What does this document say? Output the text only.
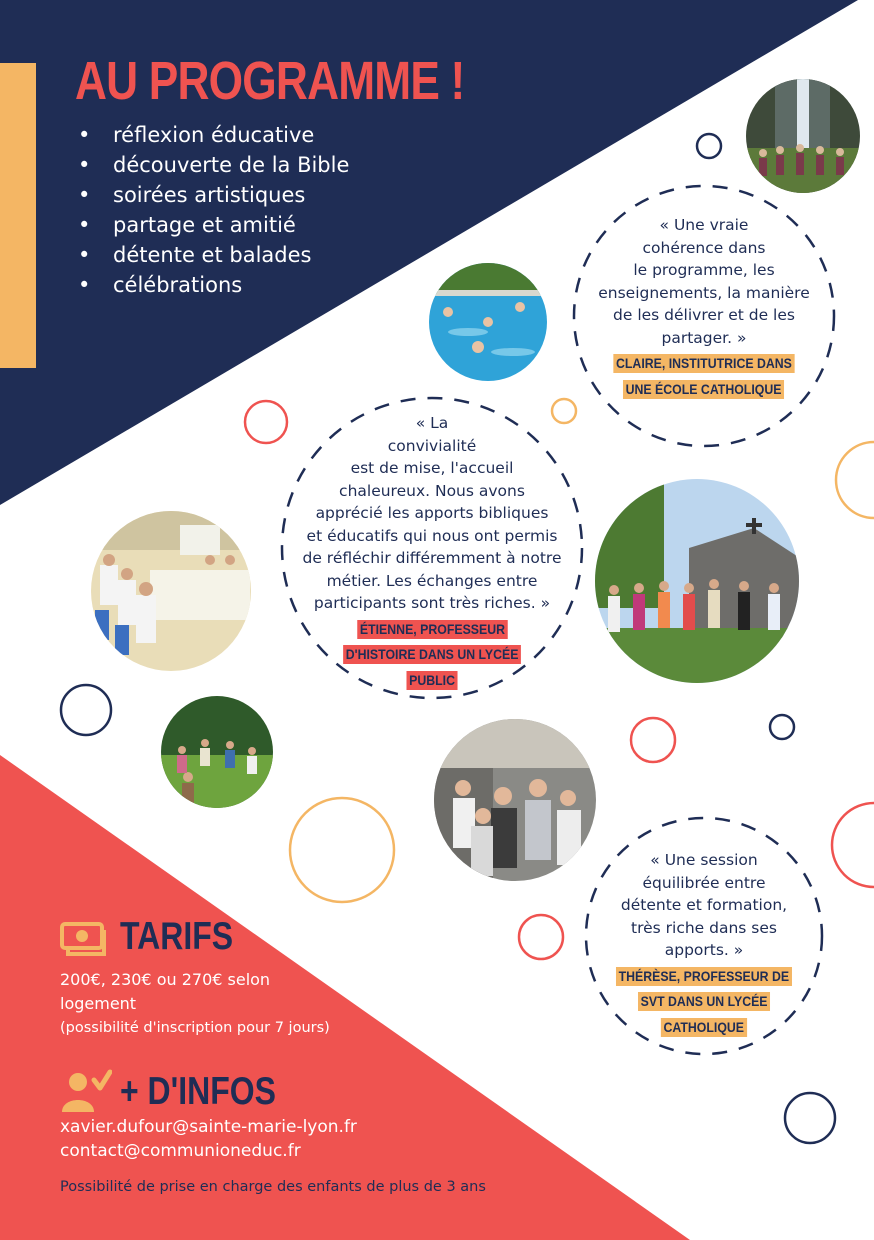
AU PROGRAMME !
• réflexion éducative
• découverte de la Bible
• soirées artistiques
• partage et amitié
• détente et balades
• célébrations
« Une vraie
cohérence dans
le programme, les
enseignements, la manière
de les délivrer et de les
partager. »
CLAIRE, INSTITUTRICE DANS
UNE ÉCOLE CATHOLIQUE
« La
convivialité
est de mise, l'accueil
chaleureux. Nous avons
apprécié les apports bibliques
et éducatifs qui nous ont permis
de réfléchir différemment à notre
métier. Les échanges entre
participants sont très riches. »
ÉTIENNE, PROFESSEUR
D'HISTOIRE DANS UN LYCÉE
PUBLIC
« Une session
équilibrée entre
détente et formation,
très riche dans ses
apports. »
THÉRÈSE, PROFESSEUR DE
SVT DANS UN LYCÉE
CATHOLIQUE
TARIFS
200€, 230€ ou 270€ selon
logement
(possibilité d'inscription pour 7 jours)
+ D'INFOS
xavier.dufour@sainte-marie-lyon.fr
contact@communioneduc.fr
Possibilité de prise en charge des enfants de plus de 3 ans
